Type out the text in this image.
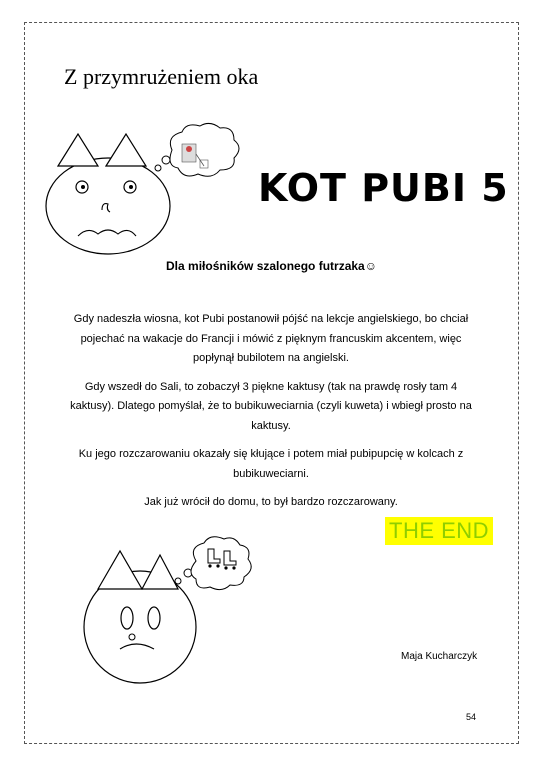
Z przymrużeniem oka
KOT PUBI 5
Dla miłośników szalonego futrzaka☺

Gdy nadeszła wiosna, kot Pubi postanowił pójść na lekcje angielskiego, bo chciał pojechać na wakacje do Francji i mówić z pięknym francuskim akcentem, więc popłynął bubilotem na angielski.

Gdy wszedł do Sali, to zobaczył 3 piękne kaktusy (tak na prawdę rosły tam 4 kaktusy). Dlatego pomyślał, że to bubikuweciarnia (czyli kuweta) i wbiegł prosto na kaktusy.

Ku jego rozczarowaniu okazały się kłujące i potem miał pubipupcię w kolcach z bubikuweciarni.

Jak już wrócił do domu, to był bardzo rozczarowany.

THE END
Maja Kucharczyk
54
